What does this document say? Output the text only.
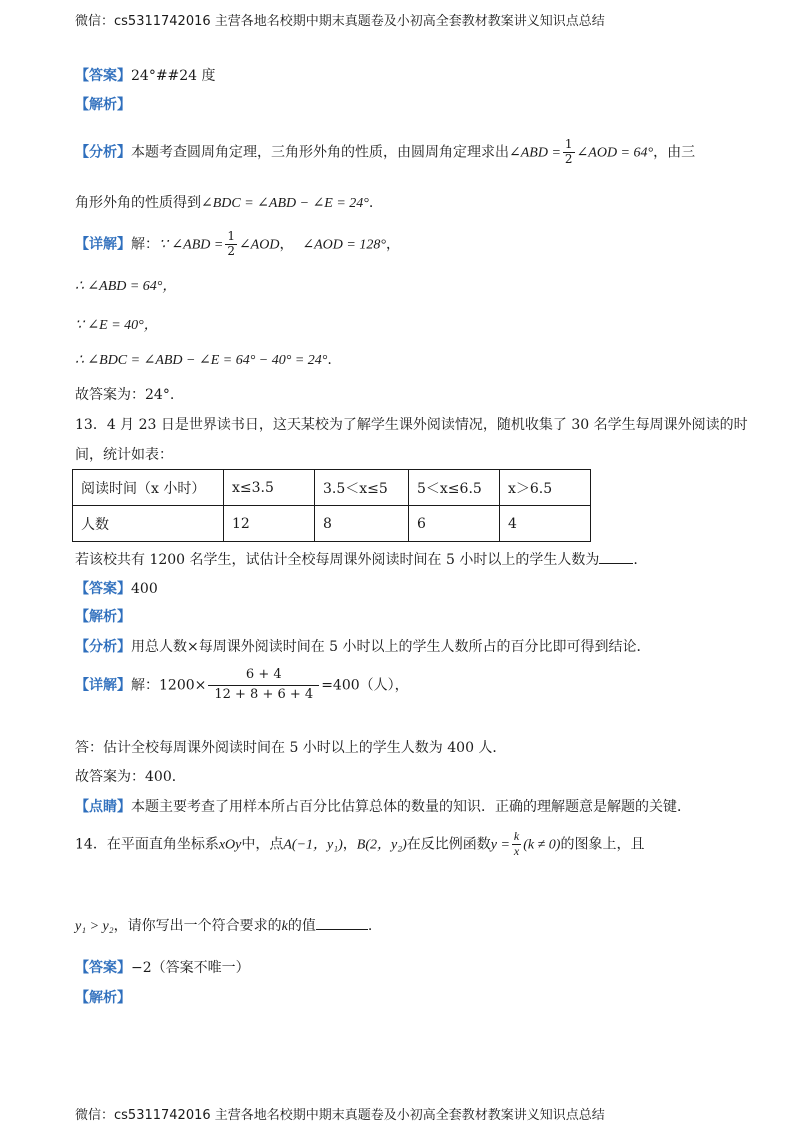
微信：cs5311742016 主营各地名校期中期末真题卷及小初高全套教材教案讲义知识点总结
【答案】24°##24 度
【解析】
【分析】本题考查圆周角定理，三角形外角的性质，由圆周角定理求出∠ABD = $\frac{1}{2}$ ∠AOD = 64°，由三
角形外角的性质得到∠BDC = ∠ABD − ∠E = 24°.
【详解】解：∵ ∠ABD = $\frac{1}{2}$ ∠AOD， ∠AOD = 128°，
∴ ∠ABD = 64°，
∵ ∠E = 40°，
∴ ∠BDC = ∠ABD − ∠E = 64° − 40° = 24°.
故答案为：24°.
13．4 月 23 日是世界读书日，这天某校为了解学生课外阅读情况，随机收集了 30 名学生每周课外阅读的时
间，统计如表：
阅读时间（x 小时）	x≤3.5	3.5＜x≤5	5＜x≤6.5	x＞6.5
人数	12	8	6	4
若该校共有 1200 名学生，试估计全校每周课外阅读时间在 5 小时以上的学生人数为 .
【答案】400
【解析】
【分析】用总人数×每周课外阅读时间在 5 小时以上的学生人数所占的百分比即可得到结论．
【详解】解：$1200\times \frac{6 + 4}{12 + 8 + 6 + 4} =400$（人），
答：估计全校每周课外阅读时间在 5 小时以上的学生人数为 400 人．
故答案为：400．
【点睛】本题主要考查了用样本所占百分比估算总体的数量的知识．正确的理解题意是解题的关键．
14．在平面直角坐标系xOy中，点A(−1，y₁)，B(2，y₂)在反比例函数$y = \frac{k}{x} (k \ne 0)$的图象上，且
y₁ > y₂，请你写出一个符合要求的k的值	.
【答案】−2（答案不唯一）
【解析】
微信：cs5311742016 主营各地名校期中期末真题卷及小初高全套教材教案讲义知识点总结
